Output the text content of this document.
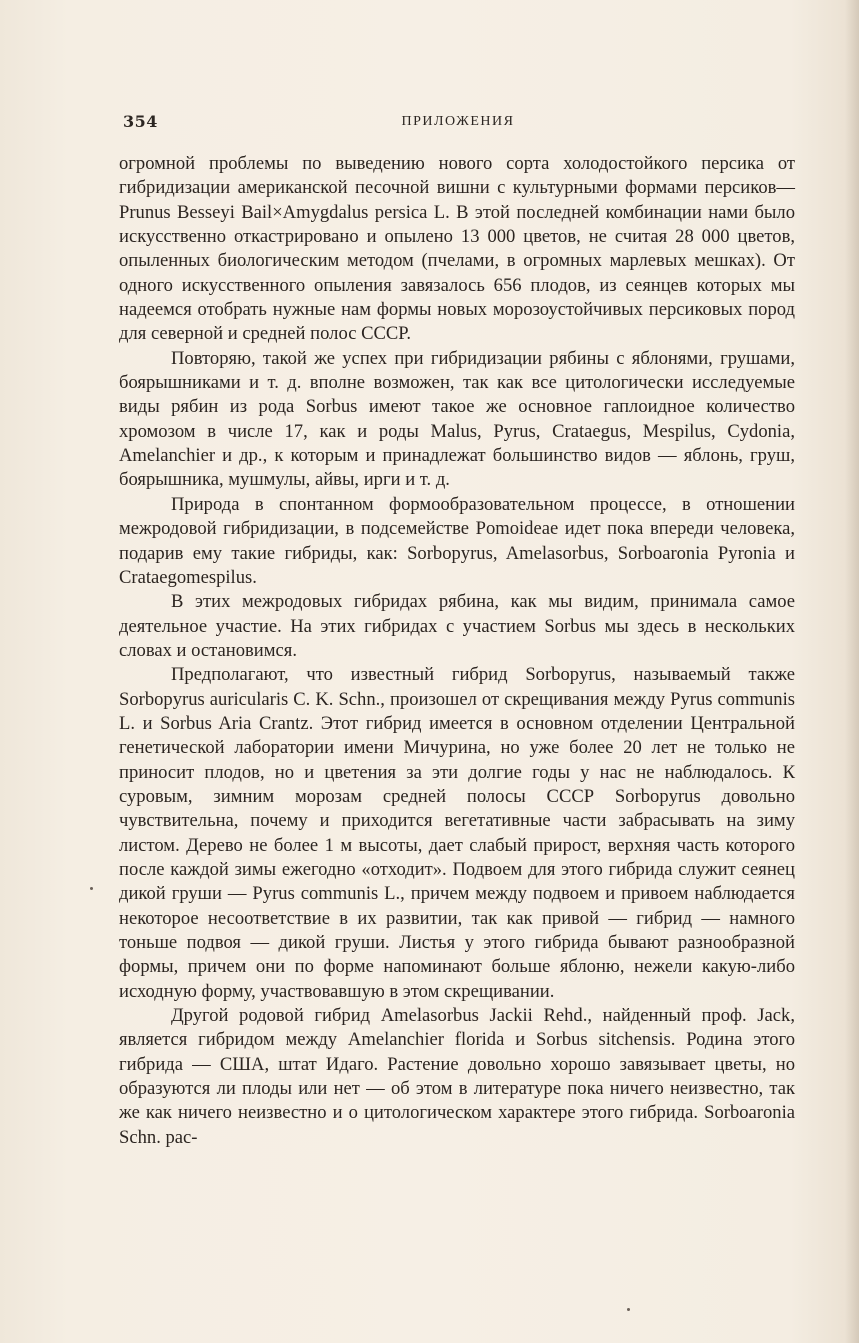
354	ПРИЛОЖЕНИЯ

огромной проблемы по выведению нового сорта холодостойкого персика от гибридизации американской песочной вишни с культурными формами персиков—Prunus Besseyi Bail×Amygdalus persica L. В этой последней комбинации нами было искусственно откастрировано и опылено 13 000 цветов, не считая 28 000 цветов, опыленных биологическим методом (пчелами, в огромных марлевых мешках). От одного искусственного опыления завязалось 656 плодов, из сеянцев которых мы надеемся отобрать нужные нам формы новых морозоустойчивых персиковых пород для северной и средней полос СССР.

Повторяю, такой же успех при гибридизации рябины с яблонями, грушами, боярышниками и т. д. вполне возможен, так как все цитологически исследуемые виды рябин из рода Sorbus имеют такое же основное гаплоидное количество хромозом в числе 17, как и роды Malus, Pyrus, Crataegus, Mespilus, Cydonia, Amelanchier и др., к которым и принадлежат большинство видов — яблонь, груш, боярышника, мушмулы, айвы, ирги и т. д.

Природа в спонтанном формообразовательном процессе, в отношении межродовой гибридизации, в подсемействе Pomoideae идет пока впереди человека, подарив ему такие гибриды, как: Sorbopyrus, Amelasorbus, Sorboaronia Pyronia и Crataegomespilus.

В этих межродовых гибридах рябина, как мы видим, принимала самое деятельное участие. На этих гибридах с участием Sorbus мы здесь в нескольких словах и остановимся.

Предполагают, что известный гибрид Sorbopyrus, называемый также Sorbopyrus auricularis C. K. Schn., произошел от скрещивания между Pyrus communis L. и Sorbus Aria Crantz. Этот гибрид имеется в основном отделении Центральной генетической лаборатории имени Мичурина, но уже более 20 лет не только не приносит плодов, но и цветения за эти долгие годы у нас не наблюдалось. К суровым, зимним морозам средней полосы СССР Sorbopyrus довольно чувствительна, почему и приходится вегетативные части забрасывать на зиму листом. Дерево не более 1 м высоты, дает слабый прирост, верхняя часть которого после каждой зимы ежегодно «отходит». Подвоем для этого гибрида служит сеянец дикой груши — Pyrus communis L., причем между подвоем и привоем наблюдается некоторое несоответствие в их развитии, так как привой — гибрид — намного тоньше подвоя — дикой груши. Листья у этого гибрида бывают разнообразной формы, причем они по форме напоминают больше яблоню, нежели какую-либо исходную форму, участвовавшую в этом скрещивании.

Другой родовой гибрид Amelasorbus Jackii Rehd., найденный проф. Jack, является гибридом между Amelanchier florida и Sorbus sitchensis. Родина этого гибрида — США, штат Идаго. Растение довольно хорошо завязывает цветы, но образуются ли плоды или нет — об этом в литературе пока ничего неизвестно, так же как ничего неизвестно и о цитологическом характере этого гибрида. Sorboaronia Schn. рас-
